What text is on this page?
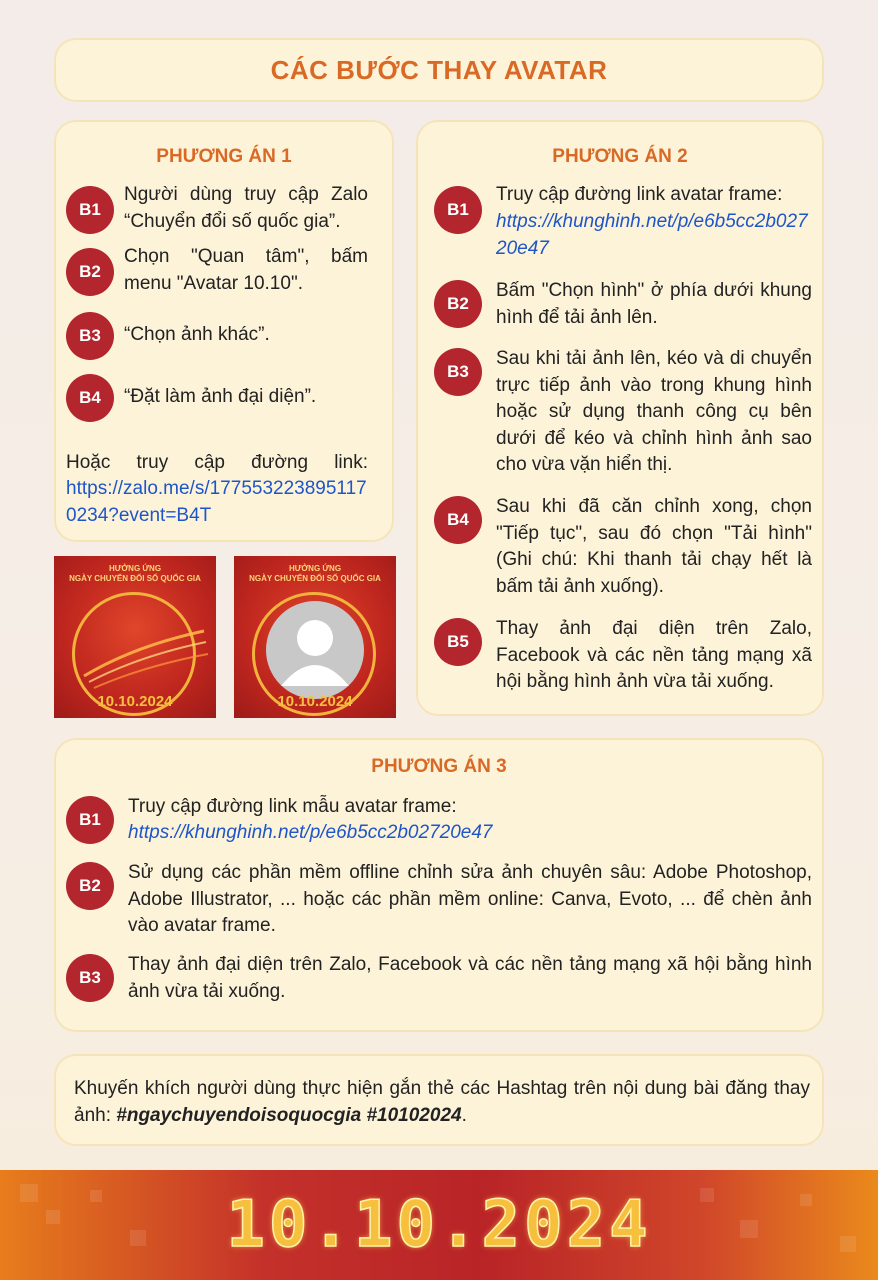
CÁC BƯỚC THAY AVATAR
PHƯƠNG ÁN 1
B1
Người dùng truy cập Zalo “Chuyển đổi số quốc gia”.
B2
Chọn "Quan tâm", bấm menu "Avatar 10.10".
B3	“Chọn ảnh khác”.
B4	“Đặt làm ảnh đại diện”.
Hoặc truy cập đường link:
https://zalo.me/s/1775532238951170234?event=B4T
HƯỞNG ỨNG
NGÀY CHUYỂN ĐỔI SỐ QUỐC GIA
10.10.2024
HƯỞNG ỨNG
NGÀY CHUYỂN ĐỔI SỐ QUỐC GIA
10.10.2024
PHƯƠNG ÁN 2
B1
Truy cập đường link avatar frame:
https://khunghinh.net/p/e6b5cc2b02720e47
B2
Bấm "Chọn hình" ở phía dưới khung hình để tải ảnh lên.
B3
Sau khi tải ảnh lên, kéo và di chuyển trực tiếp ảnh vào trong khung hình hoặc sử dụng thanh công cụ bên dưới để kéo và chỉnh hình ảnh sao cho vừa vặn hiển thị.
B4
Sau khi đã căn chỉnh xong, chọn "Tiếp tục", sau đó chọn "Tải hình" (Ghi chú: Khi thanh tải chạy hết là bấm tải ảnh xuống).
B5
Thay ảnh đại diện trên Zalo, Facebook và các nền tảng mạng xã hội bằng hình ảnh vừa tải xuống.
PHƯƠNG ÁN 3
B1
Truy cập đường link mẫu avatar frame:
https://khunghinh.net/p/e6b5cc2b02720e47
B2
Sử dụng các phần mềm offline chỉnh sửa ảnh chuyên sâu: Adobe Photoshop, Adobe Illustrator, ... hoặc các phần mềm online: Canva, Evoto, ... để chèn ảnh vào avatar frame.
B3
Thay ảnh đại diện trên Zalo, Facebook và các nền tảng mạng xã hội bằng hình ảnh vừa tải xuống.
Khuyến khích người dùng thực hiện gắn thẻ các Hashtag trên nội dung bài đăng thay ảnh: #ngaychuyendoisoquocgia #10102024.
10.10.2024
